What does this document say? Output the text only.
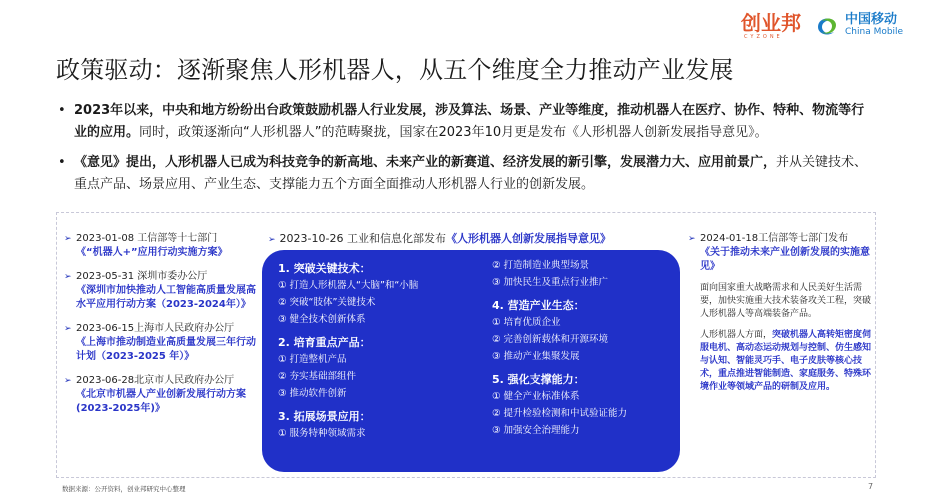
政策驱动：逐渐聚焦人形机器人，从五个维度全力推动产业发展
创业邦
CYZONE
中国移动
China Mobile
• 2023年以来，中央和地方纷纷出台政策鼓励机器人行业发展，涉及算法、场景、产业等维度，推动机器人在医疗、协作、特种、物流等行业的应用。同时，政策逐渐向“人形机器人”的范畴聚拢，国家在2023年10月更是发布《人形机器人创新发展指导意见》。
• 《意见》提出，人形机器人已成为科技竞争的新高地、未来产业的新赛道、经济发展的新引擎，发展潜力大、应用前景广，并从关键技术、重点产品、场景应用、产业生态、支撑能力五个方面全面推动人形机器人行业的创新发展。
➢ 2023-01-08 工信部等十七部门
《“机器人+”应用行动实施方案》
➢ 2023-05-31 深圳市委办公厅
《深圳市加快推动人工智能高质量发展高水平应用行动方案（2023-2024年）》
➢ 2023-06-15上海市人民政府办公厅
《上海市推动制造业高质量发展三年行动计划（2023-2025 年）》
➢ 2023-06-28北京市人民政府办公厅
《北京市机器人产业创新发展行动方案(2023-2025年)》
➢ 2023-10-26 工业和信息化部发布《人形机器人创新发展指导意见》
1. 突破关键技术：
① 打造人形机器人“大脑”和“小脑
② 突破“肢体”关键技术
③ 健全技术创新体系
2. 培育重点产品：
① 打造整机产品
② 夯实基础部组件
③ 推动软件创新
3. 拓展场景应用：
① 服务特种领域需求
② 打造制造业典型场景
③ 加快民生及重点行业推广
4. 营造产业生态：
① 培育优质企业
② 完善创新载体和开源环境
③ 推动产业集聚发展
5. 强化支撑能力：
① 健全产业标准体系
② 提升检验检测和中试验证能力
③ 加强安全治理能力
➢ 2024-01-18工信部等七部门发布
《关于推动未来产业创新发展的实施意见》
面向国家重大战略需求和人民美好生活需要，加快实施重大技术装备攻关工程，突破人形机器人等高端装备产品。
人形机器人方面，突破机器人高转矩密度伺服电机、高动态运动规划与控制、仿生感知与认知、智能灵巧手、电子皮肤等核心技术，重点推进智能制造、家庭服务、特殊环境作业等领域产品的研制及应用。
数据来源：公开资料，创业邦研究中心整理	7
